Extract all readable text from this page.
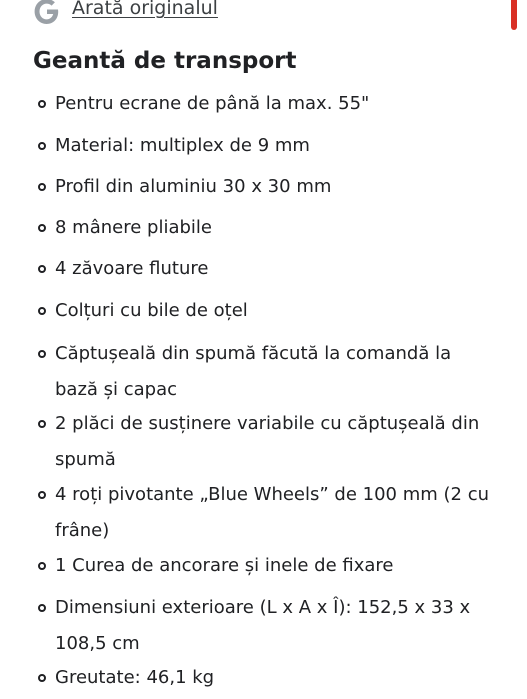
Arată originalul
Geantă de transport
Pentru ecrane de până la max. 55"
Material: multiplex de 9 mm
Profil din aluminiu 30 x 30 mm
8 mânere pliabile
4 zăvoare fluture
Colțuri cu bile de oțel
Căptușeală din spumă făcută la comandă la bază și capac
2 plăci de susținere variabile cu căptușeală din spumă
4 roți pivotante „Blue Wheels” de 100 mm (2 cu frâne)
1 Curea de ancorare și inele de fixare
Dimensiuni exterioare (L x A x Î): 152,5 x 33 x 108,5 cm
Greutate: 46,1 kg
